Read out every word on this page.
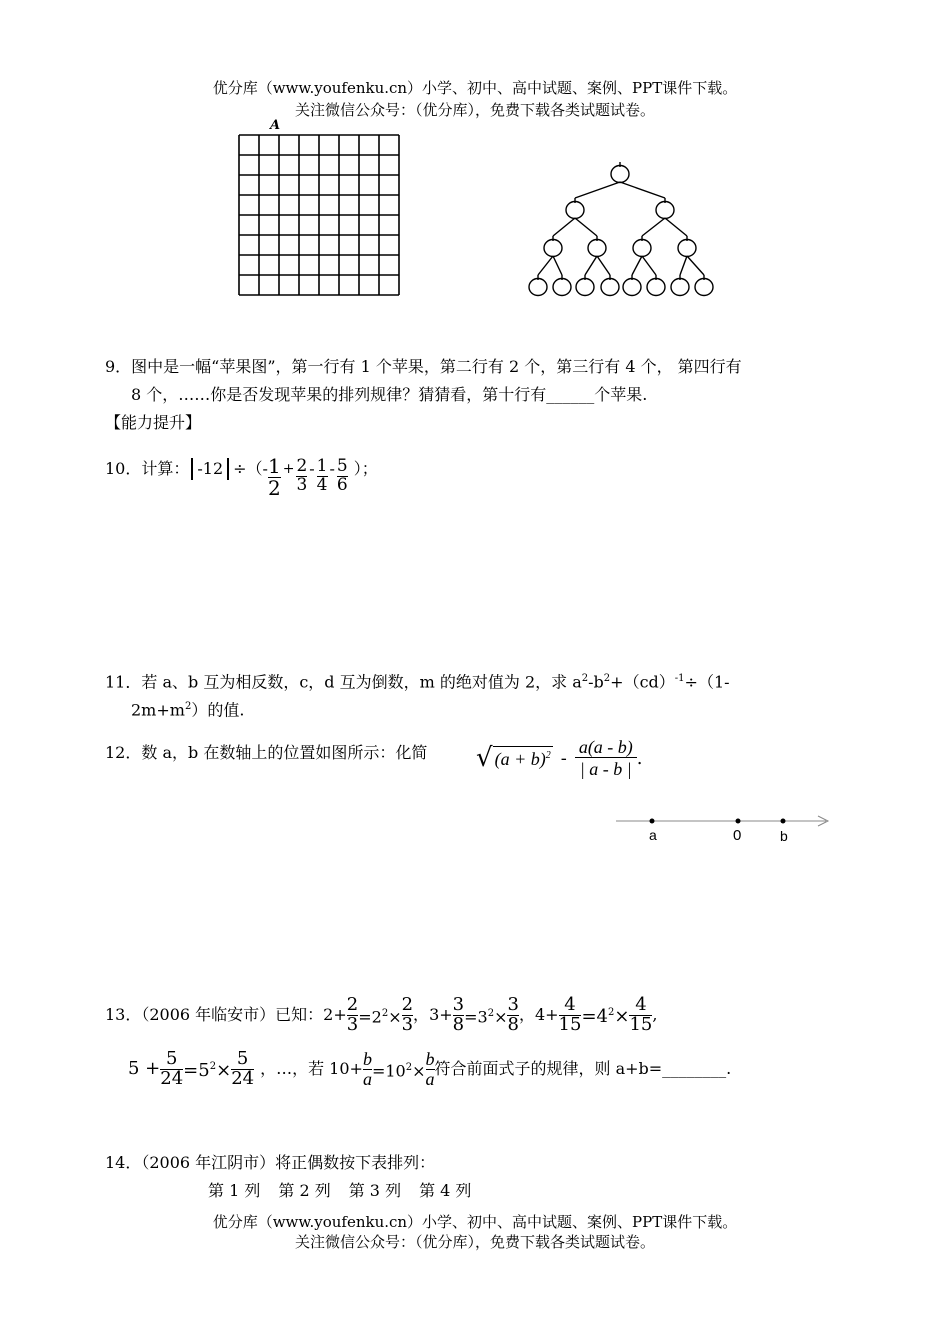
优分库（www.youfenku.cn）小学、初中、高中试题、案例、PPT课件下载。
关注微信公众号：（优分库），免费下载各类试题试卷。
A
9．图中是一幅“苹果图”，第一行有 1 个苹果，第二行有 2 个，第三行有 4 个， 第四行有
8 个，……你是否发现苹果的排列规律？猜猜看，第十行有______个苹果.
【能力提升】
10．计算： -12 ÷（- $\frac{1}{2} + \frac{2}{3} - \frac{1}{4} - \frac{5}{6}$ ）；
11．若 a、b 互为相反数，c，d 互为倒数，m 的绝对值为 2，求 $a^2-b^2+(cd)^{-1}\div(1-$
$2m+m^2$）的值.
12．数 a，b 在数轴上的位置如图所示：化简 √ $(a + b)^2 - \frac{a(a - b)}{| a - b |}$ .
a	0	b
13．（2006 年临安市）已知： $2+ \frac{2}{3} =2^2\times \frac{2}{3}$ ， $3+ \frac{3}{8} =3^2\times \frac{3}{8}$ ， $4+ \frac{4}{15} =4^2\times \frac{4}{15}$ ,
$5 + \frac{5}{24} =5^2\times \frac{5}{24}$ ，…，若 $10+ \frac{b}{a} =10^2\times \frac{b}{a}$ 符合前面式子的规律，则 a+b=________.
14．（2006 年江阴市）将正偶数按下表排列：
第 1 列 第 2 列 第 3 列 第 4 列
优分库（www.youfenku.cn）小学、初中、高中试题、案例、PPT课件下载。
关注微信公众号：（优分库），免费下载各类试题试卷。
